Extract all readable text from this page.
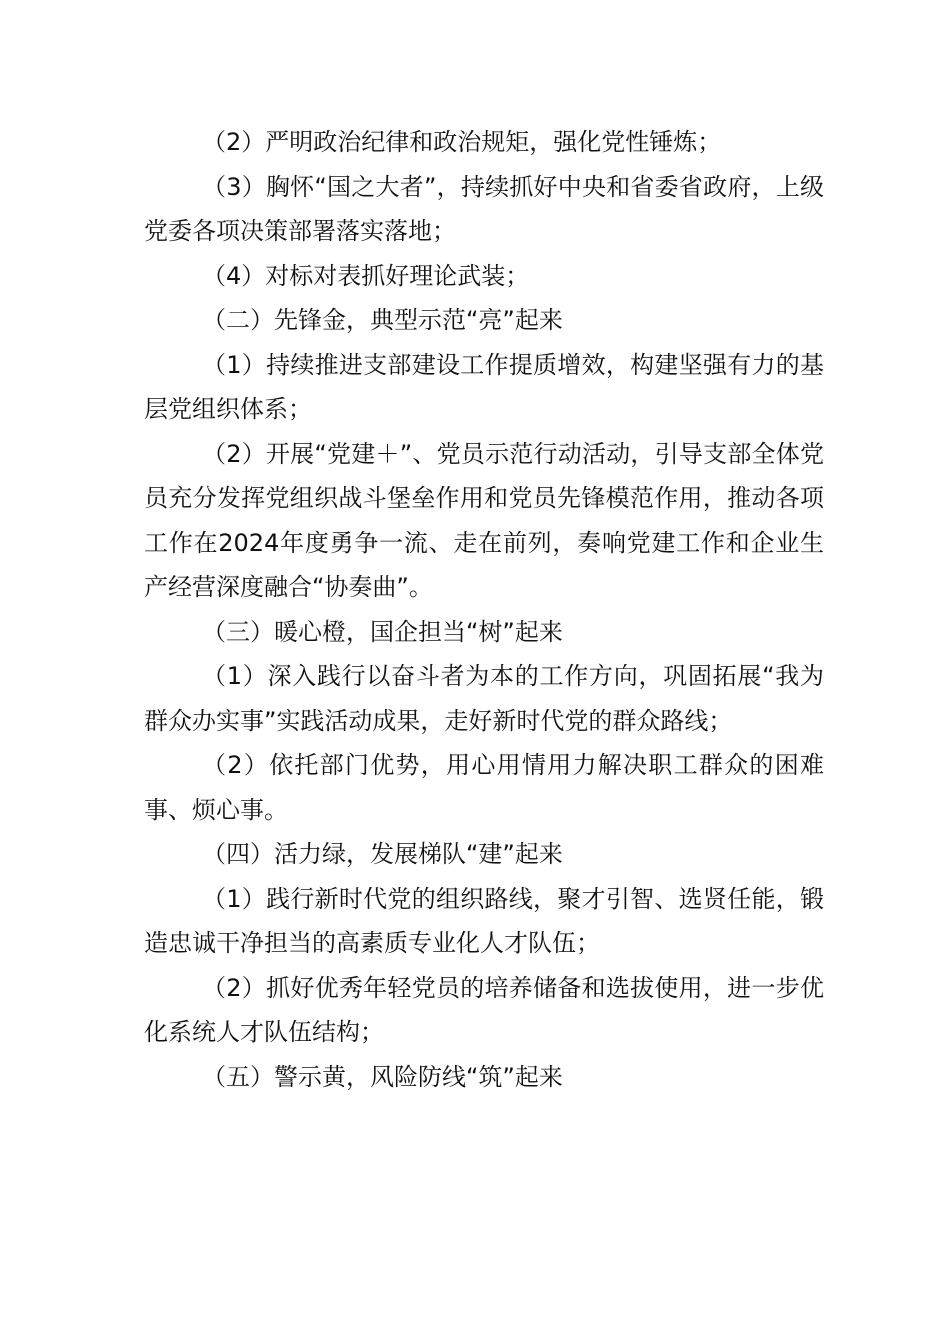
（2）严明政治纪律和政治规矩，强化党性锤炼；

（3）胸怀“国之大者”，持续抓好中央和省委省政府，上级党委各项决策部署落实落地；

（4）对标对表抓好理论武装；

（二）先锋金，典型示范“亮”起来

（1）持续推进支部建设工作提质增效，构建坚强有力的基层党组织体系；

（2）开展“党建＋”、党员示范行动活动，引导支部全体党员充分发挥党组织战斗堡垒作用和党员先锋模范作用，推动各项工作在2024年度勇争一流、走在前列，奏响党建工作和企业生产经营深度融合“协奏曲”。

（三）暖心橙，国企担当“树”起来

（1）深入践行以奋斗者为本的工作方向，巩固拓展“我为群众办实事”实践活动成果，走好新时代党的群众路线；

（2）依托部门优势，用心用情用力解决职工群众的困难事、烦心事。

（四）活力绿，发展梯队“建”起来

（1）践行新时代党的组织路线，聚才引智、选贤任能，锻造忠诚干净担当的高素质专业化人才队伍；

（2）抓好优秀年轻党员的培养储备和选拔使用，进一步优化系统人才队伍结构；

（五）警示黄，风险防线“筑”起来
